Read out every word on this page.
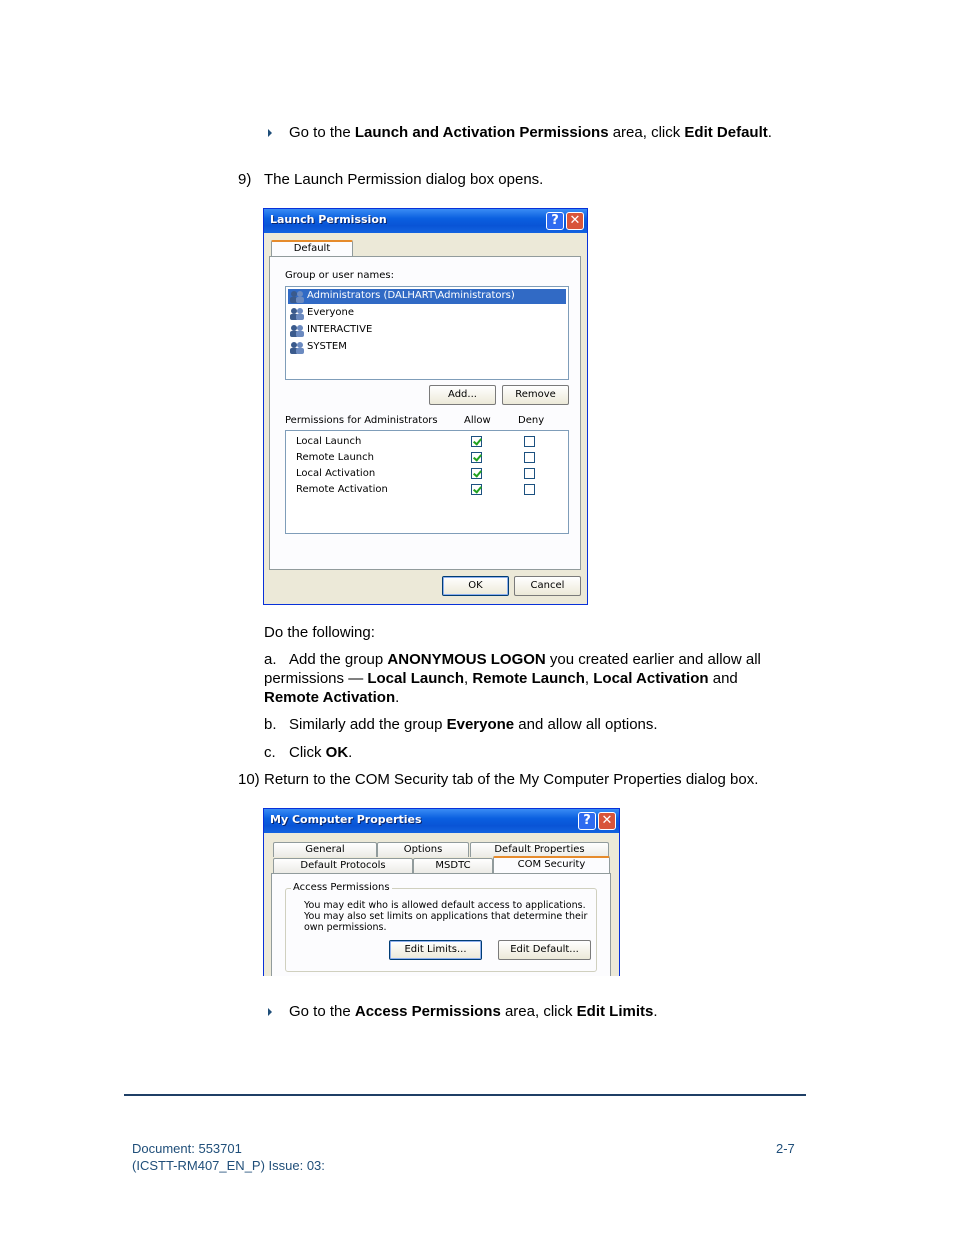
Go to the Launch and Activation Permissions area, click Edit Default.
9) The Launch Permission dialog box opens.
Launch Permission	? ✕
Default
Group or user names:
Administrators (DALHART\Administrators)
Everyone
INTERACTIVE
SYSTEM
Add...	Remove
Permissions for Administrators	Allow	Deny
Local Launch
Remote Launch
Local Activation
Remote Activation
OK	Cancel
Do the following:
a. Add the group ANONYMOUS LOGON you created earlier and allow all
permissions — Local Launch, Remote Launch, Local Activation and
Remote Activation.
b. Similarly add the group Everyone and allow all options.
c. Click OK.
10) Return to the COM Security tab of the My Computer Properties dialog box.
My Computer Properties	? ✕
General	Options	Default Properties
Default Protocols	MSDTC	COM Security
Access Permissions
You may edit who is allowed default access to applications. You may also set limits on applications that determine their own permissions.
Edit Limits...	Edit Default...
Go to the Access Permissions area, click Edit Limits.
Document: 553701
(ICSTT-RM407_EN_P) Issue: 03:
2-7
